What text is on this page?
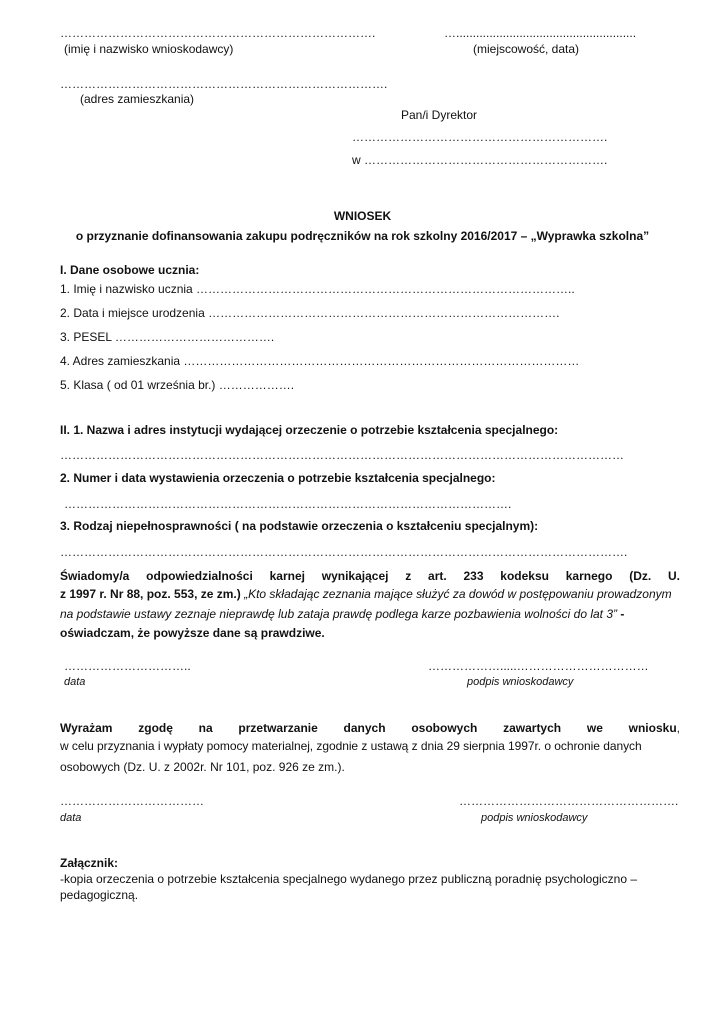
…………………………………………………………………….
(imię i nazwisko wnioskodawcy)
…......................................................
(miejscowość, data)
……………………………………………………………………….
(adres zamieszkania)
Pan/i Dyrektor
……………………………………………………….
w …………………………………………………….
WNIOSEK
o przyznanie dofinansowania zakupu podręczników na rok szkolny 2016/2017 – „Wyprawka szkolna”
I. Dane osobowe ucznia:
1. Imię i nazwisko ucznia …………………………………………………………………………………..
2. Data i miejsce urodzenia …………………………………………………………………………….
3. PESEL ………………………………….
4. Adres zamieszkania ………………………………………………………………………………………
5. Klasa ( od 01 września br.) ……………….
II. 1. Nazwa i adres instytucji wydającej orzeczenie o potrzebie kształcenia specjalnego:
……………………………………………………………………………………………………………………………
2. Numer i data wystawienia orzeczenia o potrzebie kształcenia specjalnego:
………………………………………………………………………………………………….
3. Rodzaj niepełnosprawności ( na podstawie orzeczenia o kształceniu specjalnym):
…………………………………………………………………………………………………………………………….
Świadomy/a odpowiedzialności karnej wynikającej z art. 233 kodeksu karnego (Dz. U.
z 1997 r. Nr 88, poz. 553, ze zm.) „Kto składając zeznania mające służyć za dowód w postępowaniu prowadzonym
na podstawie ustawy zeznaje nieprawdę lub zataja prawdę podlega karze pozbawienia wolności do lat 3” -
oświadczam, że powyższe dane są prawdziwe.
…………………………..
data
……………….....……………………………
podpis wnioskodawcy
Wyrażam zgodę na przetwarzanie danych osobowych zawartych we wniosku,
w celu przyznania i wypłaty pomocy materialnej, zgodnie z ustawą z dnia 29 sierpnia 1997r. o ochronie danych
osobowych (Dz. U. z 2002r. Nr 101, poz. 926 ze zm.).
………………………………
data
……………………………………………….
podpis wnioskodawcy
Załącznik:
-kopia orzeczenia o potrzebie kształcenia specjalnego wydanego przez publiczną poradnię psychologiczno –
pedagogiczną.
